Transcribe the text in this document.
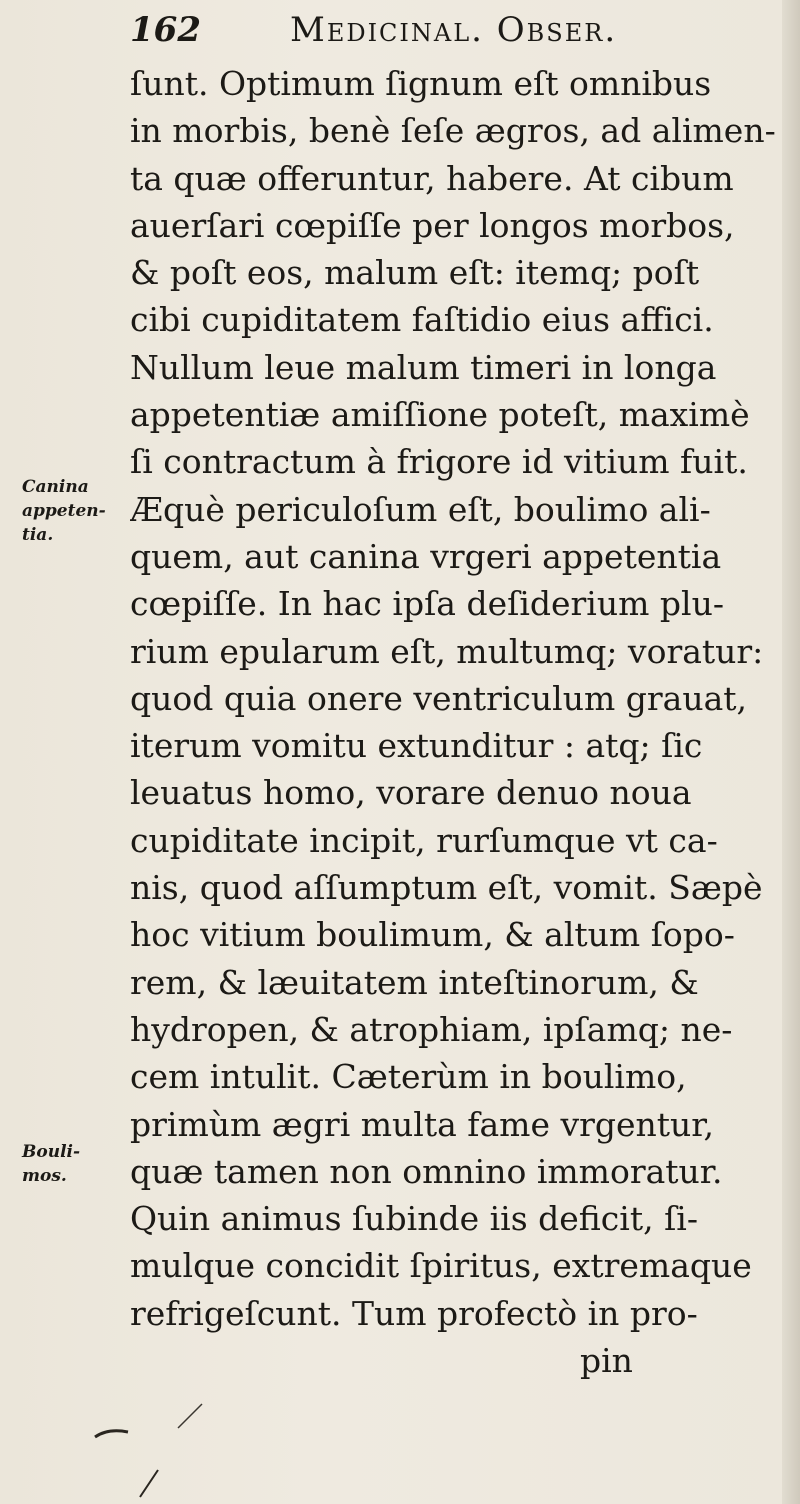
162	Medicinal. Obser.
Canina
appeten-
tia.
Bouli-
mos.
ſunt. Optimum ſignum eſt omnibus
in morbis, benè ſeſe ægros, ad alimen-
ta quæ offeruntur, habere. At cibum
auerſari cœpiſſe per longos morbos,
& poſt eos, malum eſt: itemq; poſt
cibi cupiditatem faſtidio eius affici.
Nullum leue malum timeri in longa
appetentiæ amiſſione poteſt, maximè
ſi contractum à frigore id vitium fuit.
Æquè periculoſum eſt, boulimo ali-
quem, aut canina vrgeri appetentia
cœpiſſe. In hac ipſa deſiderium plu-
rium epularum eſt, multumq; voratur:
quod quia onere ventriculum grauat,
iterum vomitu extunditur : atq; ſic
leuatus homo, vorare denuo noua
cupiditate incipit, rurſumque vt ca-
nis, quod aſſumptum eſt, vomit. Sæpè
hoc vitium boulimum, & altum ſopo-
rem, & læuitatem inteſtinorum, &
hydropen, & atrophiam, ipſamq; ne-
cem intulit. Cæterùm in boulimo,
primùm ægri multa fame vrgentur,
quæ tamen non omnino immoratur.
Quin animus ſubinde iis deficit, ſi-
mulque concidit ſpiritus, extremaque
refrigeſcunt. Tum profectò in pro-
pin
